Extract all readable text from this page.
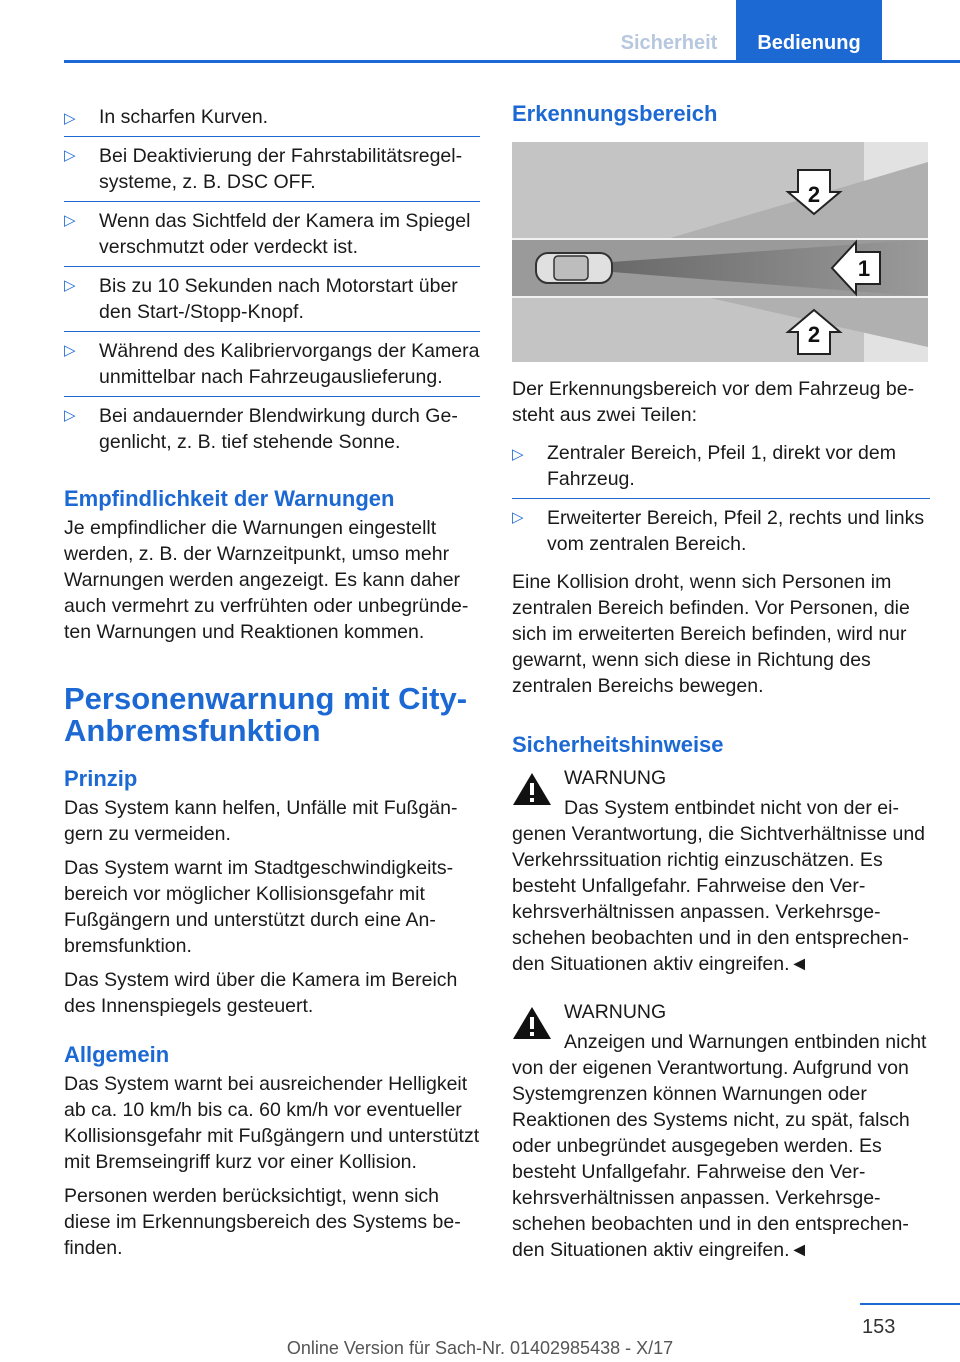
Sicherheit	Bedienung
▷ In scharfen Kurven.
▷ Bei Deaktivierung der Fahrstabilitätsregelsysteme, z. B. DSC OFF.
▷ Wenn das Sichtfeld der Kamera im Spiegel verschmutzt oder verdeckt ist.
▷ Bis zu 10 Sekunden nach Motorstart über den Start-/Stopp-Knopf.
▷ Während des Kalibriervorgangs der Kamera unmittelbar nach Fahrzeugauslieferung.
▷ Bei andauernder Blendwirkung durch Gegenlicht, z. B. tief stehende Sonne.
Empfindlichkeit der Warnungen

Je empfindlicher die Warnungen eingestellt werden, z. B. der Warnzeitpunkt, umso mehr Warnungen werden angezeigt. Es kann daher auch vermehrt zu verfrühten oder unbegründeten Warnungen und Reaktionen kommen.

Personenwarnung mit City-Anbremsfunktion
Prinzip

Das System kann helfen, Unfälle mit Fußgängern zu vermeiden.

Das System warnt im Stadtgeschwindigkeitsbereich vor möglicher Kollisionsgefahr mit Fußgängern und unterstützt durch eine Anbremsfunktion.

Das System wird über die Kamera im Bereich des Innenspiegels gesteuert.

Allgemein

Das System warnt bei ausreichender Helligkeit ab ca. 10 km/h bis ca. 60 km/h vor eventueller Kollisionsgefahr mit Fußgängern und unterstützt mit Bremseingriff kurz vor einer Kollision.

Personen werden berücksichtigt, wenn sich diese im Erkennungsbereich des Systems befinden.

Erkennungsbereich
1
2
2

Der Erkennungsbereich vor dem Fahrzeug besteht aus zwei Teilen:

▷ Zentraler Bereich, Pfeil 1, direkt vor dem Fahrzeug.
▷ Erweiterter Bereich, Pfeil 2, rechts und links vom zentralen Bereich.

Eine Kollision droht, wenn sich Personen im zentralen Bereich befinden. Vor Personen, die sich im erweiterten Bereich befinden, wird nur gewarnt, wenn sich diese in Richtung des zentralen Bereichs bewegen.

Sicherheitshinweise
WARNUNG
Das System entbindet nicht von der eigenen Verantwortung, die Sichtverhältnisse und Verkehrssituation richtig einzuschätzen. Es besteht Unfallgefahr. Fahrweise den Verkehrsverhältnissen anpassen. Verkehrsgeschehen beobachten und in den entsprechenden Situationen aktiv eingreifen.◄
WARNUNG
Anzeigen und Warnungen entbinden nicht von der eigenen Verantwortung. Aufgrund von Systemgrenzen können Warnungen oder Reaktionen des Systems nicht, zu spät, falsch oder unbegründet ausgegeben werden. Es besteht Unfallgefahr. Fahrweise den Verkehrsverhältnissen anpassen. Verkehrsgeschehen beobachten und in den entsprechenden Situationen aktiv eingreifen.◄
153
Online Version für Sach-Nr. 01402985438 - X/17
